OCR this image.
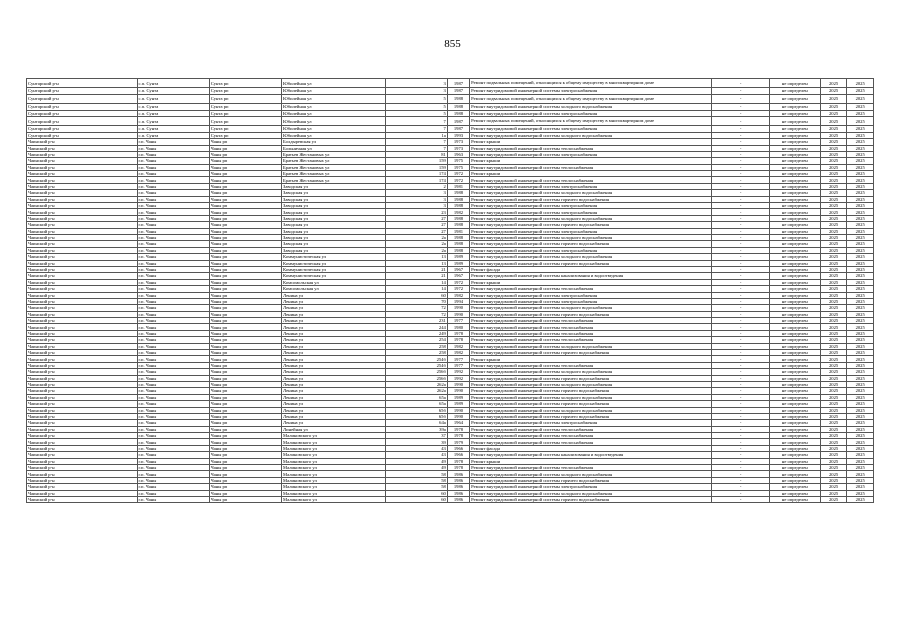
855
Сунтарский р-н	с.п. Сунта	Сунта рп	Юбилейная ул	3	1987	Ремонт подвальных помещений, относящихся к общему имуществу в многоквартирном доме	-	не определен	2025	2025
Сунтарский р-н	с.п. Сунта	Сунта рп	Юбилейная ул	3	1987	Ремонт внутридомовой инженерной системы электроснабжения	-	не определен	2025	2025
Сунтарский р-н	с.п. Сунта	Сунта рп	Юбилейная ул	5	1988	Ремонт подвальных помещений, относящихся к общему имуществу в многоквартирном доме	-	не определен	2025	2025
Сунтарский р-н	с.п. Сунта	Сунта рп	Юбилейная ул	5	1988	Ремонт внутридомовой инженерной системы холодного водоснабжения	-	не определен	2025	2025
Сунтарский р-н	с.п. Сунта	Сунта рп	Юбилейная ул	5	1988	Ремонт внутридомовой инженерной системы электроснабжения	-	не определен	2025	2025
Сунтарский р-н	с.п. Сунта	Сунта рп	Юбилейная ул	7	1987	Ремонт подвальных помещений, относящихся к общему имуществу в многоквартирном доме	-	не определен	2025	2025
Сунтарский р-н	с.п. Сунта	Сунта рп	Юбилейная ул	7	1987	Ремонт внутридомовой инженерной системы электроснабжения	-	не определен	2025	2025
Сунтарский р-н	с.п. Сунта	Сунта рп	Юбилейная ул	1а	1993	Ремонт внутридомовой инженерной системы холодного водоснабжения	-	не определен	2025	2025
Чаинский р-н	г.п. Чаны	Чаны рп	Болдыревская ул	7	1973	Ремонт крыши	-	не определен	2025	2025
Чаинский р-н	г.п. Чаны	Чаны рп	Больничная ул	7	1973	Ремонт внутридомовой инженерной системы теплоснабжения	-	не определен	2025	2025
Чаинский р-н	г.п. Чаны	Чаны рп	Братьев Жестановых ул	81	1963	Ремонт внутридомовой инженерной системы электроснабжения	-	не определен	2025	2025
Чаинский р-н	г.п. Чаны	Чаны рп	Братьев Жестановых ул	159	1975	Ремонт крыши	-	не определен	2025	2025
Чаинский р-н	г.п. Чаны	Чаны рп	Братьев Жестановых ул	159	1975	Ремонт внутридомовой инженерной системы теплоснабжения	-	не определен	2025	2025
Чаинский р-н	г.п. Чаны	Чаны рп	Братьев Жестановых ул	174	1972	Ремонт крыши	-	не определен	2025	2025
Чаинский р-н	г.п. Чаны	Чаны рп	Братьев Жестановых ул	174	1972	Ремонт внутридомовой инженерной системы теплоснабжения	-	не определен	2025	2025
Чаинский р-н	г.п. Чаны	Чаны рп	Заводская ул	2	1981	Ремонт внутридомовой инженерной системы электроснабжения	-	не определен	2025	2025
Чаинский р-н	г.п. Чаны	Чаны рп	Заводская ул	3	1988	Ремонт внутридомовой инженерной системы холодного водоснабжения	-	не определен	2025	2025
Чаинский р-н	г.п. Чаны	Чаны рп	Заводская ул	3	1988	Ремонт внутридомовой инженерной системы горячего водоснабжения	-	не определен	2025	2025
Чаинский р-н	г.п. Чаны	Чаны рп	Заводская ул	3	1988	Ремонт внутридомовой инженерной системы электроснабжения	-	не определен	2025	2025
Чаинский р-н	г.п. Чаны	Чаны рп	Заводская ул	23	1982	Ремонт внутридомовой инженерной системы электроснабжения	-	не определен	2025	2025
Чаинский р-н	г.п. Чаны	Чаны рп	Заводская ул	27	1988	Ремонт внутридомовой инженерной системы холодного водоснабжения	-	не определен	2025	2025
Чаинский р-н	г.п. Чаны	Чаны рп	Заводская ул	27	1988	Ремонт внутридомовой инженерной системы горячего водоснабжения	-	не определен	2025	2025
Чаинский р-н	г.п. Чаны	Чаны рп	Заводская ул	27	1981	Ремонт внутридомовой инженерной системы электроснабжения	-	не определен	2025	2025
Чаинский р-н	г.п. Чаны	Чаны рп	Заводская ул	2а	1988	Ремонт внутридомовой инженерной системы холодного водоснабжения	-	не определен	2025	2025
Чаинский р-н	г.п. Чаны	Чаны рп	Заводская ул	2а	1988	Ремонт внутридомовой инженерной системы горячего водоснабжения	-	не определен	2025	2025
Чаинский р-н	г.п. Чаны	Чаны рп	Заводская ул	2а	1988	Ремонт внутридомовой инженерной системы электроснабжения	-	не определен	2025	2025
Чаинский р-н	г.п. Чаны	Чаны рп	Коммунистическая ул	13	1989	Ремонт внутридомовой инженерной системы холодного водоснабжения	-	не определен	2025	2025
Чаинский р-н	г.п. Чаны	Чаны рп	Коммунистическая ул	13	1989	Ремонт внутридомовой инженерной системы горячего водоснабжения	-	не определен	2025	2025
Чаинский р-н	г.п. Чаны	Чаны рп	Коммунистическая ул	21	1967	Ремонт фасада	-	не определен	2025	2025
Чаинский р-н	г.п. Чаны	Чаны рп	Коммунистическая ул	21	1967	Ремонт внутридомовой инженерной системы канализования и водоотведения	-	не определен	2025	2025
Чаинский р-н	г.п. Чаны	Чаны рп	Комсомольская ул	14	1972	Ремонт крыши	-	не определен	2025	2025
Чаинский р-н	г.п. Чаны	Чаны рп	Комсомольская ул	14	1972	Ремонт внутридомовой инженерной системы теплоснабжения	-	не определен	2025	2025
Чаинский р-н	г.п. Чаны	Чаны рп	Ленина ул	60	1982	Ремонт внутридомовой инженерной системы электроснабжения	-	не определен	2025	2025
Чаинский р-н	г.п. Чаны	Чаны рп	Ленина ул	70	1994	Ремонт внутридомовой инженерной системы электроснабжения	-	не определен	2025	2025
Чаинский р-н	г.п. Чаны	Чаны рп	Ленина ул	72	1990	Ремонт внутридомовой инженерной системы холодного водоснабжения	-	не определен	2025	2025
Чаинский р-н	г.п. Чаны	Чаны рп	Ленина ул	72	1990	Ремонт внутридомовой инженерной системы горячего водоснабжения	-	не определен	2025	2025
Чаинский р-н	г.п. Чаны	Чаны рп	Ленина ул	231	1977	Ремонт внутридомовой инженерной системы теплоснабжения	-	не определен	2025	2025
Чаинский р-н	г.п. Чаны	Чаны рп	Ленина ул	244	1980	Ремонт внутридомовой инженерной системы теплоснабжения	-	не определен	2025	2025
Чаинский р-н	г.п. Чаны	Чаны рп	Ленина ул	249	1978	Ремонт внутридомовой инженерной системы теплоснабжения	-	не определен	2025	2025
Чаинский р-н	г.п. Чаны	Чаны рп	Ленина ул	254	1978	Ремонт внутридомовой инженерной системы теплоснабжения	-	не определен	2025	2025
Чаинский р-н	г.п. Чаны	Чаны рп	Ленина ул	258	1982	Ремонт внутридомовой инженерной системы холодного водоснабжения	-	не определен	2025	2025
Чаинский р-н	г.п. Чаны	Чаны рп	Ленина ул	258	1982	Ремонт внутридомовой инженерной системы горячего водоснабжения	-	не определен	2025	2025
Чаинский р-н	г.п. Чаны	Чаны рп	Ленина ул	254б	1977	Ремонт крыши	-	не определен	2025	2025
Чаинский р-н	г.п. Чаны	Чаны рп	Ленина ул	254б	1977	Ремонт внутридомовой инженерной системы теплоснабжения	-	не определен	2025	2025
Чаинский р-н	г.п. Чаны	Чаны рп	Ленина ул	256б	1992	Ремонт внутридомовой инженерной системы холодного водоснабжения	-	не определен	2025	2025
Чаинский р-н	г.п. Чаны	Чаны рп	Ленина ул	256б	1992	Ремонт внутридомовой инженерной системы горячего водоснабжения	-	не определен	2025	2025
Чаинский р-н	г.п. Чаны	Чаны рп	Ленина ул	262а	1990	Ремонт внутридомовой инженерной системы холодного водоснабжения	-	не определен	2025	2025
Чаинский р-н	г.п. Чаны	Чаны рп	Ленина ул	262а	1990	Ремонт внутридомовой инженерной системы горячего водоснабжения	-	не определен	2025	2025
Чаинский р-н	г.п. Чаны	Чаны рп	Ленина ул	65а	1989	Ремонт внутридомовой инженерной системы холодного водоснабжения	-	не определен	2025	2025
Чаинский р-н	г.п. Чаны	Чаны рп	Ленина ул	65а	1989	Ремонт внутридомовой инженерной системы горячего водоснабжения	-	не определен	2025	2025
Чаинский р-н	г.п. Чаны	Чаны рп	Ленина ул	65б	1990	Ремонт внутридомовой инженерной системы холодного водоснабжения	-	не определен	2025	2025
Чаинский р-н	г.п. Чаны	Чаны рп	Ленина ул	65б	1990	Ремонт внутридомовой инженерной системы горячего водоснабжения	-	не определен	2025	2025
Чаинский р-н	г.п. Чаны	Чаны рп	Ленина ул	64а	1964	Ремонт внутридомовой инженерной системы электроснабжения	-	не определен	2025	2025
Чаинский р-н	г.п. Чаны	Чаны рп	Линейная ул	39а	1978	Ремонт внутридомовой инженерной системы теплоснабжения	-	не определен	2025	2025
Чаинский р-н	г.п. Чаны	Чаны рп	Малиновского ул	37	1978	Ремонт внутридомовой инженерной системы теплоснабжения	-	не определен	2025	2025
Чаинский р-н	г.п. Чаны	Чаны рп	Малиновского ул	39	1979	Ремонт внутридомовой инженерной системы теплоснабжения	-	не определен	2025	2025
Чаинский р-н	г.п. Чаны	Чаны рп	Малиновского ул	43	1966	Ремонт фасада	-	не определен	2025	2025
Чаинский р-н	г.п. Чаны	Чаны рп	Малиновского ул	43	1966	Ремонт внутридомовой инженерной системы канализования и водоотведения	-	не определен	2025	2025
Чаинский р-н	г.п. Чаны	Чаны рп	Малиновского ул	49	1978	Ремонт крыши	-	не определен	2025	2025
Чаинский р-н	г.п. Чаны	Чаны рп	Малиновского ул	49	1978	Ремонт внутридомовой инженерной системы теплоснабжения	-	не определен	2025	2025
Чаинский р-н	г.п. Чаны	Чаны рп	Малиновского ул	58	1986	Ремонт внутридомовой инженерной системы холодного водоснабжения	-	не определен	2025	2025
Чаинский р-н	г.п. Чаны	Чаны рп	Малиновского ул	58	1986	Ремонт внутридомовой инженерной системы горячего водоснабжения	-	не определен	2025	2025
Чаинский р-н	г.п. Чаны	Чаны рп	Малиновского ул	58	1986	Ремонт внутридомовой инженерной системы электроснабжения	-	не определен	2025	2025
Чаинский р-н	г.п. Чаны	Чаны рп	Малиновского ул	60	1986	Ремонт внутридомовой инженерной системы холодного водоснабжения	-	не определен	2025	2025
Чаинский р-н	г.п. Чаны	Чаны рп	Малиновского ул	60	1986	Ремонт внутридомовой инженерной системы горячего водоснабжения	-	не определен	2025	2025
